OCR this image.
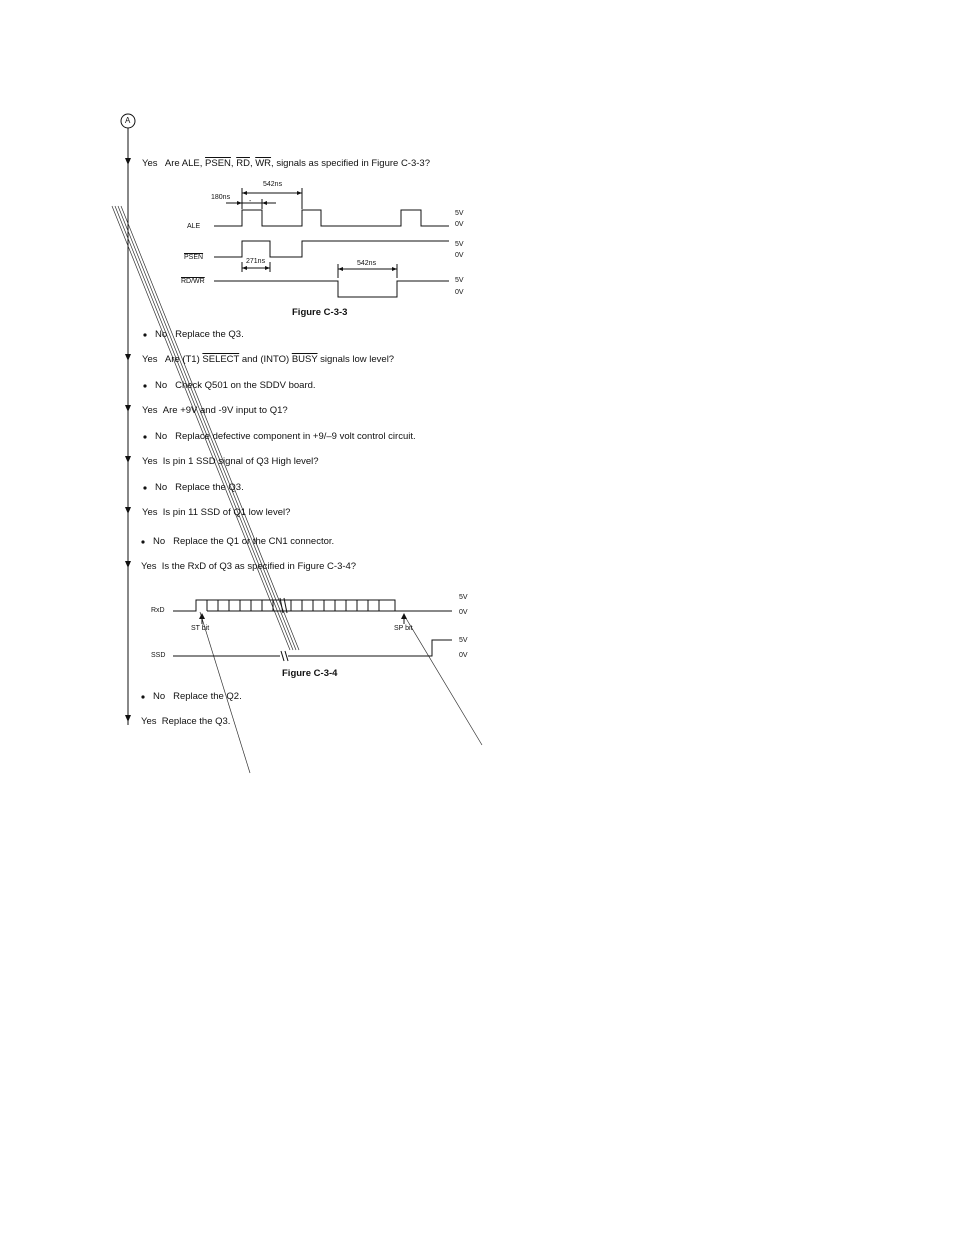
A
Yes Are ALE, PSEN, $\overline{RD}$, $\overline{WR}$, signals as specified in Figure C-3-3?
542ns
180ns
-
271ns	542ns
ALE
PSEN
RD/WR
5V
0V
5V
0V
5V
0V
Figure C-3-3
No Replace the Q3.
Yes Are (T1) SELECT and (INTO) BUSY signals low level?
No Check Q501 on the SDDV board.
Yes Are +9V and -9V input to Q1?
No Replace defective component in +9/–9 volt control circuit.
Yes Is pin 1 SSD signal of Q3 High level?
No Replace the Q3.
Yes Is pin 11 SSD of Q1 low level?
No Replace the Q1 or the CN1 connector.
Yes Is the RxD of Q3 as specified in Figure C-3-4?
RxD
SSD
ST bit	SP bit
5V
0V
5V
0V
Figure C-3-4
No Replace the Q2.
Yes Replace the Q3.
